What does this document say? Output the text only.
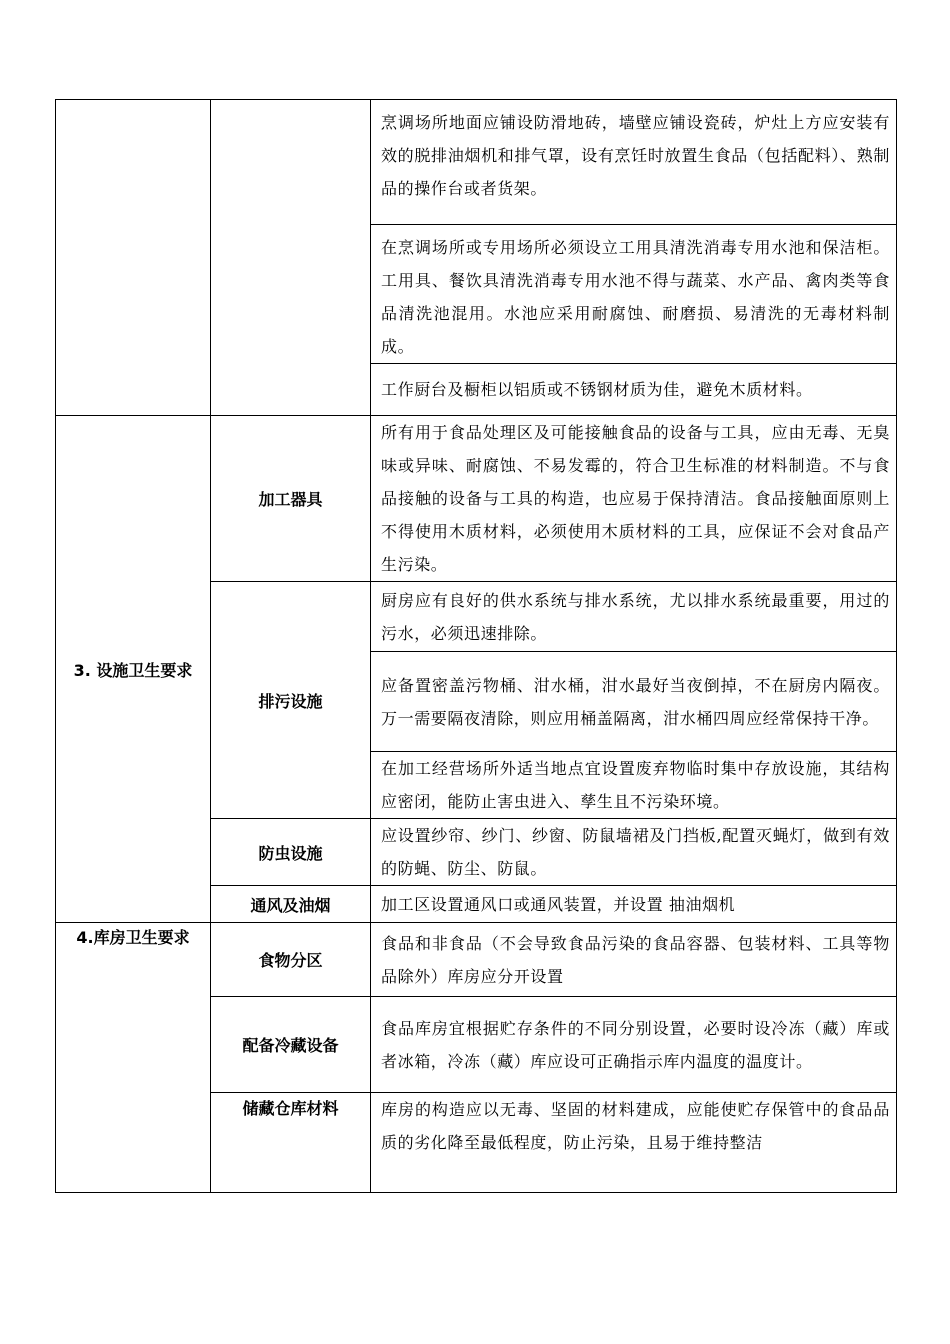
		烹调场所地面应铺设防滑地砖，墙壁应铺设瓷砖，炉灶上方应安装有效的脱排油烟机和排气罩，设有烹饪时放置生食品（包括配料）、熟制品的操作台或者货架。

		在烹调场所或专用场所必须设立工用具清洗消毒专用水池和保洁柜。工用具、餐饮具清洗消毒专用水池不得与蔬菜、水产品、禽肉类等食品清洗池混用。水池应采用耐腐蚀、耐磨损、易清洗的无毒材料制成。

		工作厨台及橱柜以铝质或不锈钢材质为佳，避免木质材料。
3. 设施卫生要求	加工器具	所有用于食品处理区及可能接触食品的设备与工具，应由无毒、无臭味或异味、耐腐蚀、不易发霉的，符合卫生标准的材料制造。不与食品接触的设备与工具的构造，也应易于保持清洁。食品接触面原则上不得使用木质材料，必须使用木质材料的工具，应保证不会对食品产生污染。
	排污设施	厨房应有良好的供水系统与排水系统，尤以排水系统最重要，用过的污水，必须迅速排除。
		应备置密盖污物桶、泔水桶，泔水最好当夜倒掉，不在厨房内隔夜。万一需要隔夜清除，则应用桶盖隔离，泔水桶四周应经常保持干净。
		在加工经营场所外适当地点宜设置废弃物临时集中存放设施，其结构应密闭，能防止害虫进入、孳生且不污染环境。
	防虫设施	应设置纱帘、纱门、纱窗、防鼠墙裙及门挡板,配置灭蝇灯，做到有效的防蝇、防尘、防鼠。
	通风及油烟	加工区设置通风口或通风装置，并设置 抽油烟机

4.库房卫生要求	食物分区	食品和非食品（不会导致食品污染的食品容器、包装材料、工具等物品除外）库房应分开设置
	配备冷藏设备	食品库房宜根据贮存条件的不同分别设置，必要时设冷冻（藏）库或者冰箱，冷冻（藏）库应设可正确指示库内温度的温度计。

	储藏仓库材料	库房的构造应以无毒、坚固的材料建成，应能使贮存保管中的食品品质的劣化降至最低程度，防止污染，且易于维持整洁
